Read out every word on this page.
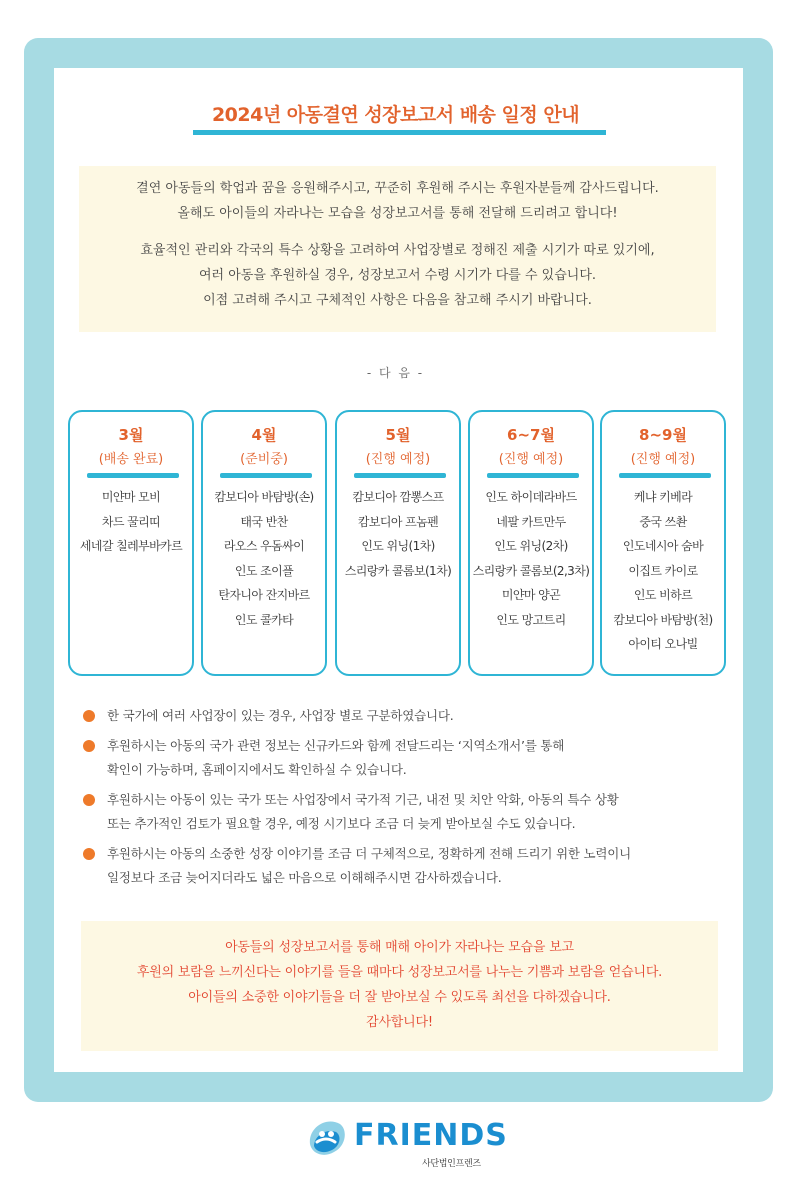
2024년 아동결연 성장보고서 배송 일정 안내

결연 아동들의 학업과 꿈을 응원해주시고, 꾸준히 후원해 주시는 후원자분들께 감사드립니다.

올해도 아이들의 자라나는 모습을 성장보고서를 통해 전달해 드리려고 합니다!

효율적인 관리와 각국의 특수 상황을 고려하여 사업장별로 정해진 제출 시기가 따로 있기에,

여러 아동을 후원하실 경우, 성장보고서 수령 시기가 다를 수 있습니다.

이점 고려해 주시고 구체적인 사항은 다음을 참고해 주시기 바랍니다.

- 다 음 -
3월
(배송 완료)
미얀마 모비
차드 꿀리띠
세네갈 칠레부바카르
4월
(준비중)
캄보디아 바탐방(손)
태국 반찬
라오스 우돔싸이
인도 조이플
탄자니아 잔지바르
인도 콜카타
5월
(진행 예정)
캄보디아 깜뽕스프
캄보디아 프놈펜
인도 위닝(1차)
스리랑카 콜롬보(1차)
6~7월
(진행 예정)
인도 하이데라바드
네팔 카트만두
인도 위닝(2차)
스리랑카 콜롬보(2,3차)
미얀마 양곤
인도 망고트리
8~9월
(진행 예정)
케냐 키베라
중국 쓰촨
인도네시아 숨바
이집트 카이로
인도 비하르
캄보디아 바탐방(천)
아이티 오나빌
한 국가에 여러 사업장이 있는 경우, 사업장 별로 구분하였습니다.
후원하시는 아동의 국가 관련 정보는 신규카드와 함께 전달드리는 ‘지역소개서’를 통해
확인이 가능하며, 홈페이지에서도 확인하실 수 있습니다.
후원하시는 아동이 있는 국가 또는 사업장에서 국가적 기근, 내전 및 치안 악화, 아동의 특수 상황
또는 추가적인 검토가 필요할 경우, 예정 시기보다 조금 더 늦게 받아보실 수도 있습니다.
후원하시는 아동의 소중한 성장 이야기를 조금 더 구체적으로, 정확하게 전해 드리기 위한 노력이니
일정보다 조금 늦어지더라도 넓은 마음으로 이해해주시면 감사하겠습니다.

아동들의 성장보고서를 통해 매해 아이가 자라나는 모습을 보고

후원의 보람을 느끼신다는 이야기를 들을 때마다 성장보고서를 나누는 기쁨과 보람을 얻습니다.

아이들의 소중한 이야기들을 더 잘 받아보실 수 있도록 최선을 다하겠습니다.

감사합니다!

FRIENDS
사단법인프렌즈
